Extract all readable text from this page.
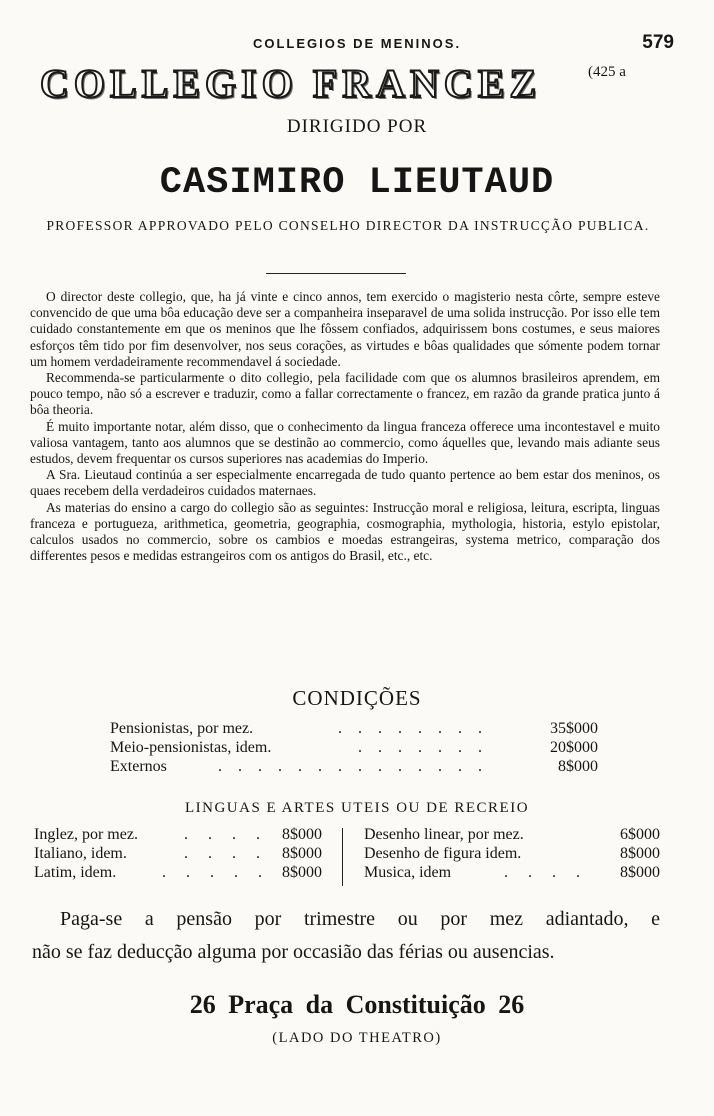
COLLEGIOS DE MENINOS.	579
COLLEGIO FRANCEZ	(425 a
DIRIGIDO POR
CASIMIRO LIEUTAUD
PROFESSOR APPROVADO PELO CONSELHO DIRECTOR DA INSTRUCÇÃO PUBLICA.

O director deste collegio, que, ha já vinte e cinco annos, tem exercido o magisterio nesta côrte, sempre esteve convencido de que uma bôa educação deve ser a companheira inseparavel de uma solida instrucção. Por isso elle tem cuidado constantemente em que os meninos que lhe fôssem confiados, adquirissem bons costumes, e seus maiores esforços têm tido por fim desenvolver, nos seus corações, as virtudes e bôas qualidades que sómente podem tornar um homem verdadeiramente recommendavel á sociedade.

Recommenda-se particularmente o dito collegio, pela facilidade com que os alumnos brasileiros aprendem, em pouco tempo, não só a escrever e traduzir, como a fallar correctamente o francez, em razão da grande pratica junto á bôa theoria.

É muito importante notar, além disso, que o conhecimento da lingua franceza offerece uma incontestavel e muito valiosa vantagem, tanto aos alumnos que se destinão ao commercio, como áquelles que, levando mais adiante seus estudos, devem frequentar os cursos superiores nas academias do Imperio.

A Sra. Lieutaud continúa a ser especialmente encarregada de tudo quanto pertence ao bem estar dos meninos, os quaes recebem della verdadeiros cuidados maternaes.

As materias do ensino a cargo do collegio são as seguintes: Instrucção moral e religiosa, leitura, escripta, linguas franceza e portugueza, arithmetica, geometria, geographia, cosmographia, mythologia, historia, estylo epistolar, calculos usados no commercio, sobre os cambios e moedas estrangeiras, systema metrico, comparação dos differentes pesos e medidas estrangeiros com os antigos do Brasil, etc., etc.

CONDIÇÕES
. . . . . . . .
Pensionistas, por mez.	35$000
. . . . . . .
Meio-pensionistas, idem.	20$000
. . . . . . . . . . . . . .
Externos	8$000
LINGUAS E ARTES UTEIS OU DE RECREIO
Inglez, por mez.	. . . . 8$000
Italiano, idem.	. . . . 8$000
Latim, idem.	. . . . . 8$000
Desenho linear, por mez.	6$000
Desenho de figura idem.	8$000
Musica, idem	. . . . 8$000
Paga-se a pensão por trimestre ou por mez adiantado, e
não se faz deducção alguma por occasião das férias ou ausencias.
26 Praça da Constituição 26
(LADO DO THEATRO)
